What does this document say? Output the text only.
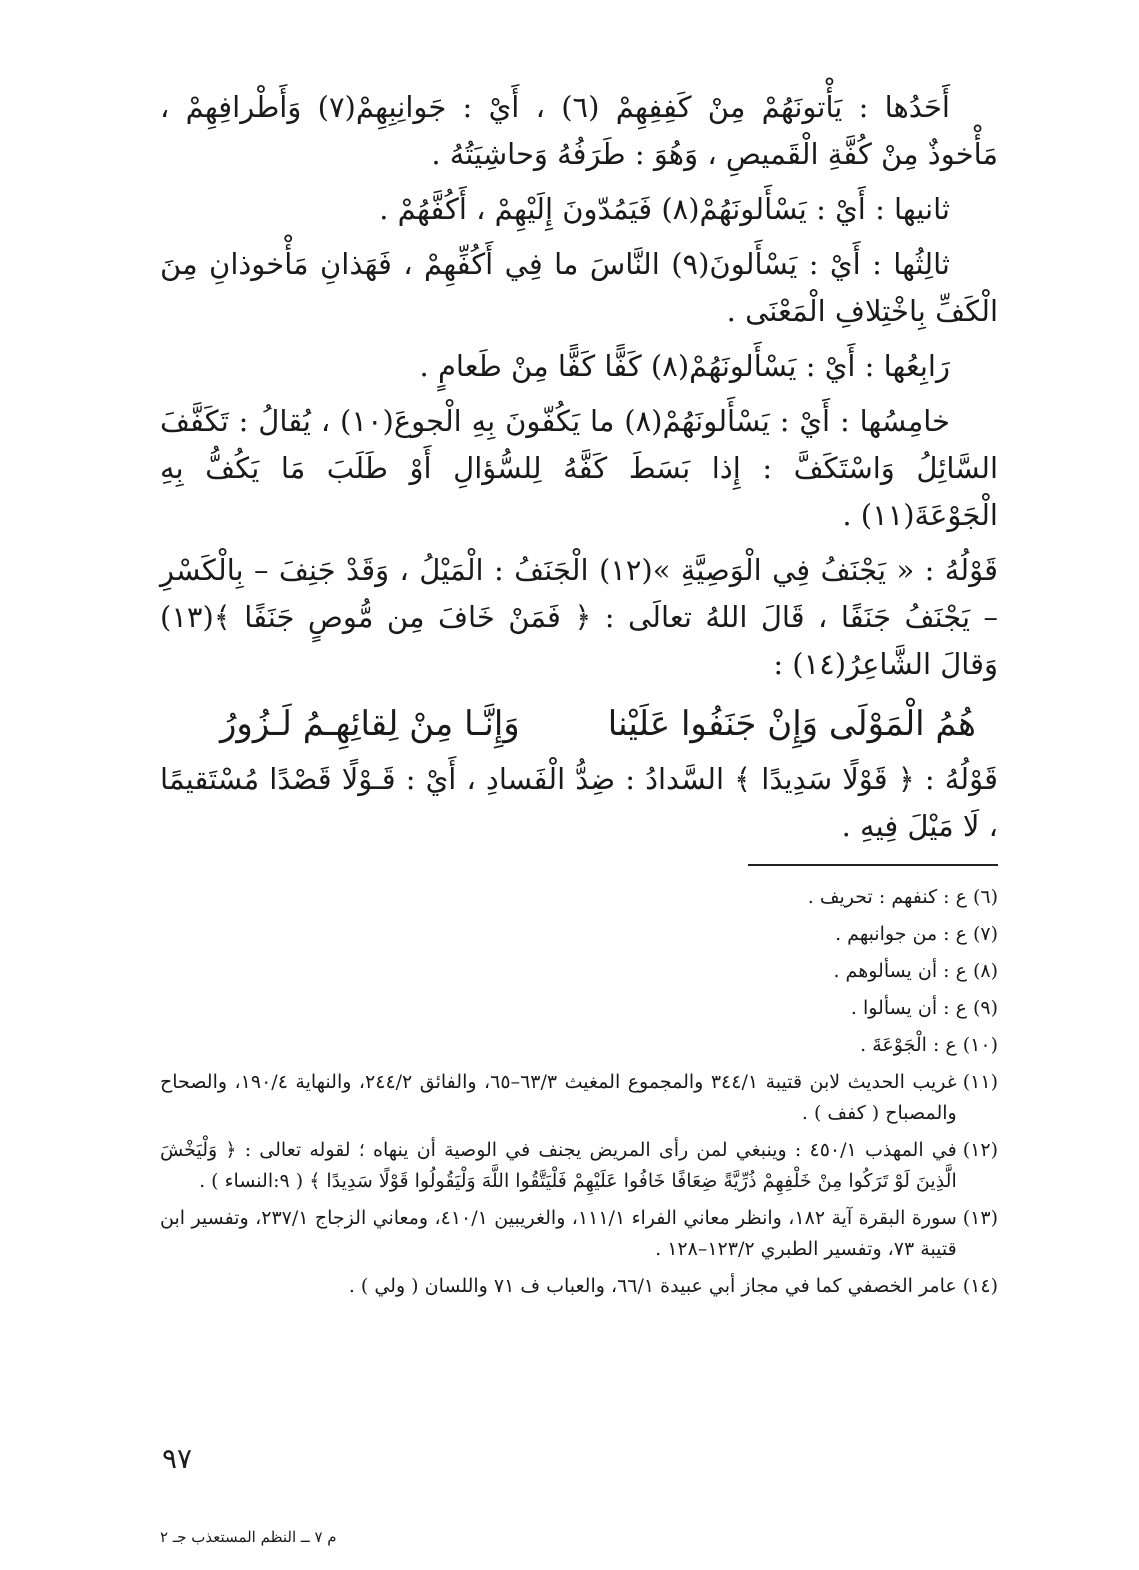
أَحَدُها : يَأْتونَهُمْ مِنْ كَفِفِهِمْ (٦) ، أَيْ : جَوانِبِهِمْ(٧) وَأَطْرافِهِمْ ، مَأْخوذٌ مِنْ كُفَّةِ الْقَميصِ ، وَهُوَ : طَرَفُهُ وَحاشِيَتُهُ .

ثانيها : أَيْ : يَسْأَلونَهُمْ(٨) فَيَمُدّونَ إِلَيْهِمْ ، أَكُفَّهُمْ .

ثالِثُها : أَيْ : يَسْأَلونَ(٩) النَّاسَ ما فِي أَكُفِّهِمْ ، فَهَذانِ مَأْخوذانِ مِنَ الْكَفِّ بِاخْتِلافِ الْمَعْنَى .

رَابِعُها : أَيْ : يَسْأَلونَهُمْ(٨) كَفًّا كَفًّا مِنْ طَعامٍ .

خامِسُها : أَيْ : يَسْأَلونَهُمْ(٨) ما يَكُفّونَ بِهِ الْجوعَ(١٠) ، يُقالُ : تَكَفَّفَ السَّائِلُ وَاسْتَكَفَّ : إِذا بَسَطَ كَفَّهُ لِلسُّؤالِ أَوْ طَلَبَ مَا يَكُفُّ بِهِ الْجَوْعَةَ(١١) .

قَوْلُهُ : « يَجْنَفُ فِي الْوَصِيَّةِ »(١٢) الْجَنَفُ : الْمَيْلُ ، وَقَدْ جَنِفَ – بِالْكَسْرِ – يَجْنَفُ جَنَفًا ، قَالَ اللهُ تعالَى : ﴿ فَمَنْ خَافَ مِن مُّوصٍ جَنَفًا ﴾(١٣) وَقالَ الشَّاعِرُ(١٤) :

هُمُ الْمَوْلَى وَإِنْ جَنَفُوا عَلَيْنا
وَإِنَّـا مِنْ لِقائِهِـمُ لَـزُورُ

قَوْلُهُ : ﴿ قَوْلًا سَدِيدًا ﴾ السَّدادُ : ضِدُّ الْفَسادِ ، أَيْ : قَـوْلًا قَصْدًا مُسْتَقيمًا ، لَا مَيْلَ فِيهِ .

(٦)
ع : كنفهم : تحريف .
(٧)
ع : من جوانبهم .
(٨)
ع : أن يسألوهم .
(٩)
ع : أن يسألوا .
(١٠)
ع : الْجَوْعَةَ .
(١١)
غريب الحديث لابن قتيبة ٣٤٤/١ والمجموع المغيث ٦٣/٣–٦٥، والفائق ٢٤٤/٢، والنهاية ١٩٠/٤، والصحاح والمصباح ( كفف ) .
(١٢)
في المهذب ٤٥٠/١ : وينبغي لمن رأى المريض يجنف في الوصية أن ينهاه ؛ لقوله تعالى : ﴿ وَلْيَخْشَ الَّذِينَ لَوْ تَرَكُوا مِنْ خَلْفِهِمْ ذُرِّيَّةً ضِعَافًا خَافُوا عَلَيْهِمْ فَلْيَتَّقُوا اللَّهَ وَلْيَقُولُوا قَوْلًا سَدِيدًا ﴾ ( ٩:النساء ) .
(١٣)
سورة البقرة آية ١٨٢، وانظر معاني الفراء ١١١/١، والغريبين ٤١٠/١، ومعاني الزجاج ٢٣٧/١، وتفسير ابن قتيبة ٧٣، وتفسير الطبري ١٢٣/٢–١٢٨ .
(١٤)
عامر الخصفي كما في مجاز أبي عبيدة ٦٦/١، والعباب ف ٧١ واللسان ( ولي ) .
٩٧
م ٧ ــ النظم المستعذب جـ ٢
